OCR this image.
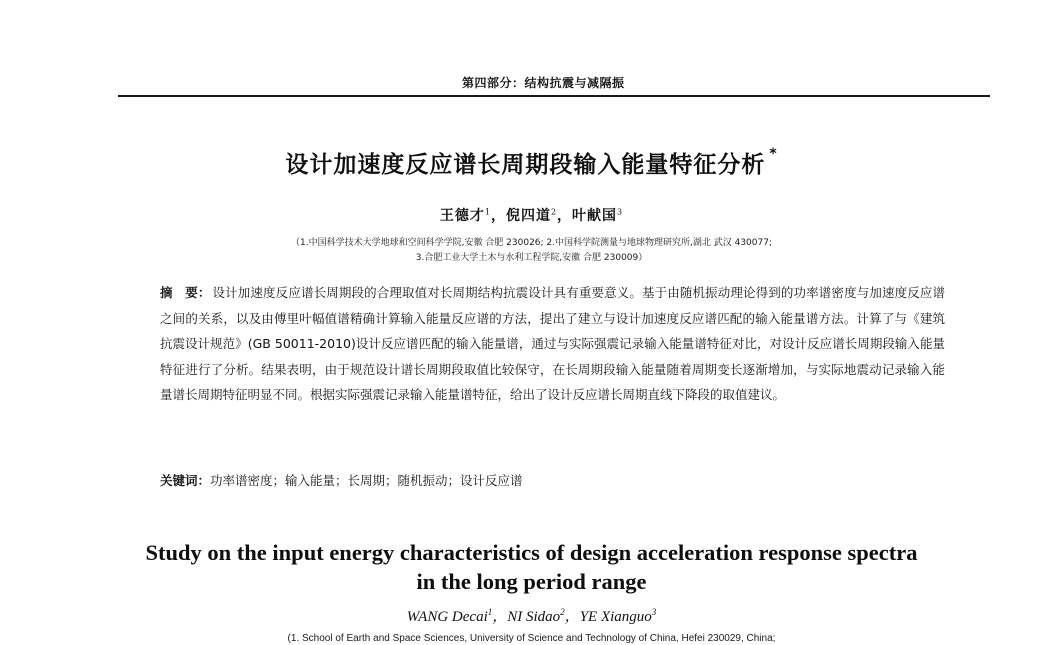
第四部分：结构抗震与减隔振
设计加速度反应谱长周期段输入能量特征分析 *
王德才$^1$，倪四道$^2$，叶献国$^3$
（1.中国科学技术大学地球和空间科学学院,安徽 合肥 230026; 2.中国科学院测量与地球物理研究所,湖北 武汉 430077;
3.合肥工业大学土木与水利工程学院,安徽 合肥 230009）
摘　要： 设计加速度反应谱长周期段的合理取值对长周期结构抗震设计具有重要意义。基于由随机振动理论得到的功率谱密度与加速度反应谱之间的关系，以及由傅里叶幅值谱精确计算输入能量反应谱的方法，提出了建立与设计加速度反应谱匹配的输入能量谱方法。计算了与《建筑抗震设计规范》(GB 50011-2010)设计反应谱匹配的输入能量谱，通过与实际强震记录输入能量谱特征对比，对设计反应谱长周期段输入能量特征进行了分析。结果表明，由于规范设计谱长周期段取值比较保守，在长周期段输入能量随着周期变长逐渐增加，与实际地震动记录输入能量谱长周期特征明显不同。根据实际强震记录输入能量谱特征，给出了设计反应谱长周期直线下降段的取值建议。
关键词：功率谱密度；输入能量；长周期；随机振动；设计反应谱
Study on the input energy characteristics of design acceleration response spectra
in the long period range
WANG Decai$^1$，NI Sidao$^2$，YE Xianguo$^3$
(1. School of Earth and Space Sciences, University of Science and Technology of China, Hefei 230029, China;
